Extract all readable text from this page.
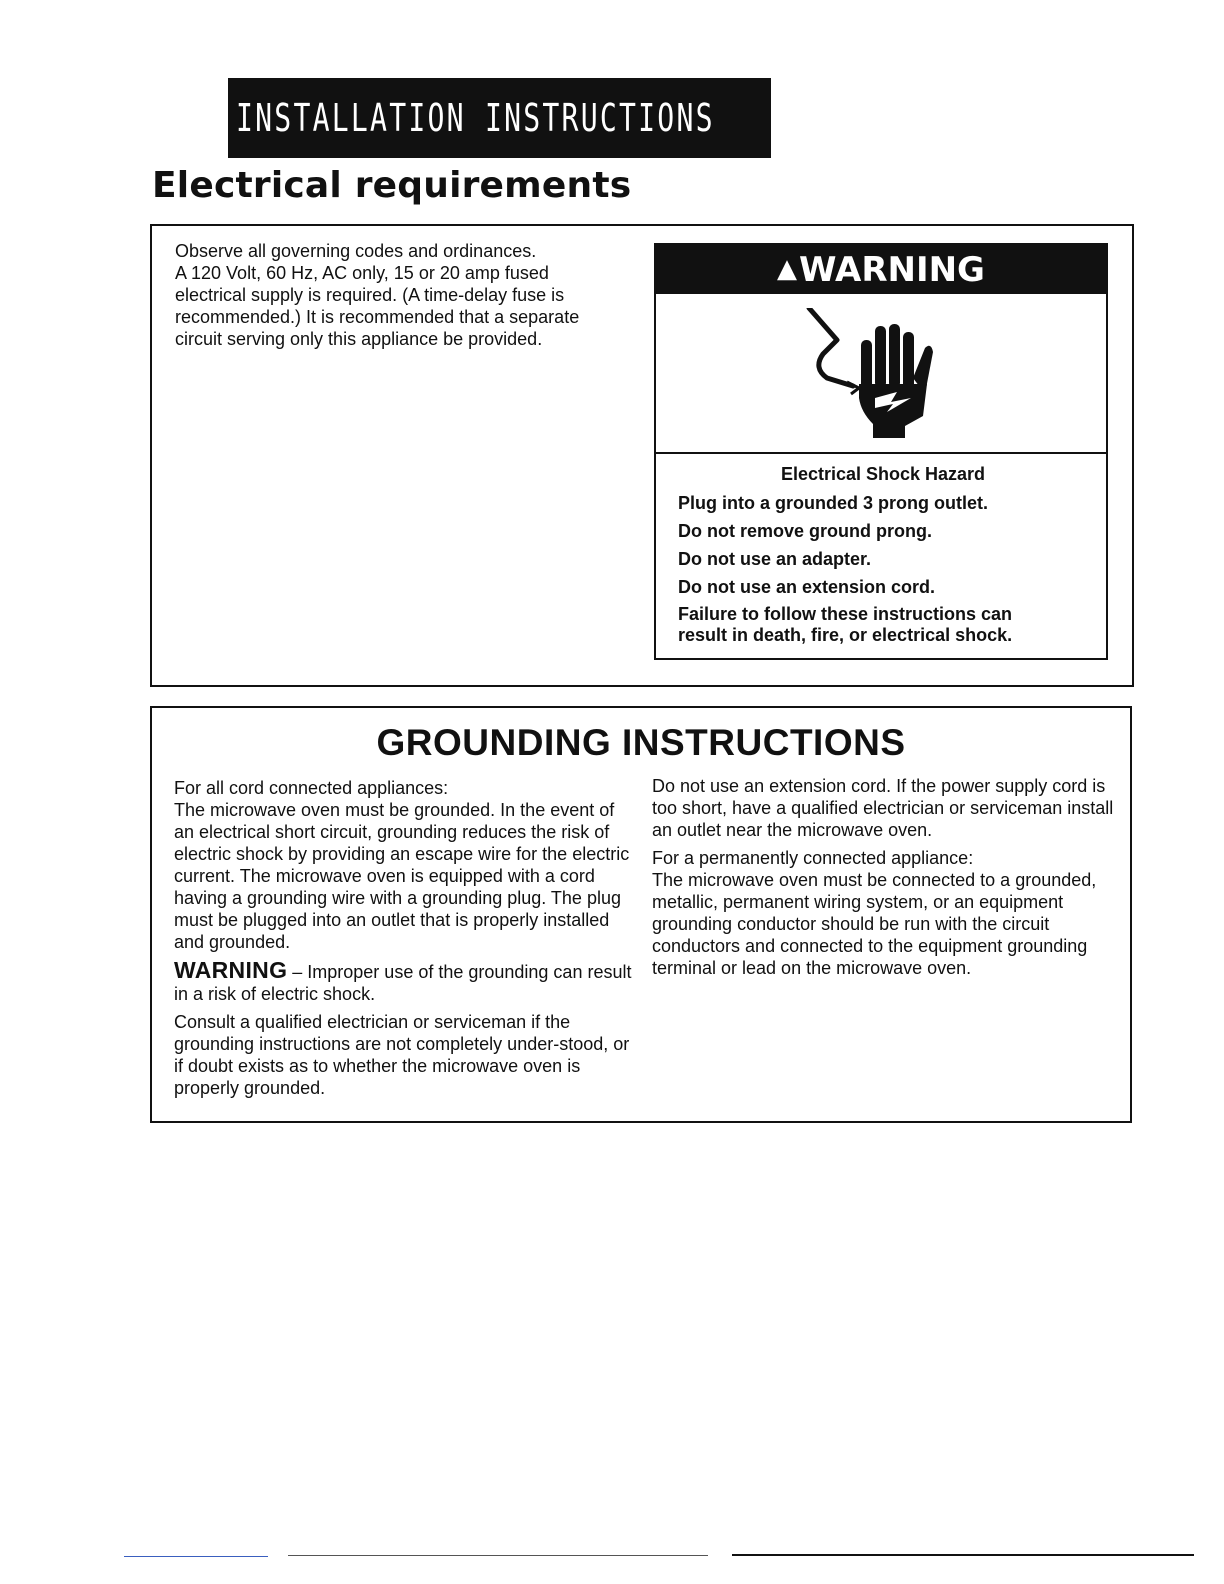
INSTALLATION INSTRUCTIONS
Electrical requirements
Observe all governing codes and ordinances.
A 120 Volt, 60 Hz, AC only, 15 or 20 amp fused
electrical supply is required. (A time-delay fuse is
recommended.) It is recommended that a separate
circuit serving only this appliance be provided.
▲ WARNING

Electrical Shock Hazard

Plug into a grounded 3 prong outlet.

Do not remove ground prong.

Do not use an adapter.

Do not use an extension cord.

Failure to follow these instructions can
result in death, fire, or electrical shock.
GROUNDING INSTRUCTIONS
For all cord connected appliances:

The microwave oven must be grounded. In the event of an electrical short circuit, grounding reduces the risk of electric shock by providing an escape wire for the electric current. The microwave oven is equipped with a cord having a grounding wire with a grounding plug. The plug must be plugged into an outlet that is properly installed and grounded.

WARNING – Improper use of the grounding can result in a risk of electric shock.

Consult a qualified electrician or serviceman if the grounding instructions are not completely under-stood, or if doubt exists as to whether the microwave oven is properly grounded.

Do not use an extension cord. If the power supply cord is too short, have a qualified electrician or serviceman install an outlet near the microwave oven.

For a permanently connected appliance:

The microwave oven must be connected to a grounded, metallic, permanent wiring system, or an equipment grounding conductor should be run with the circuit conductors and connected to the equipment grounding terminal or lead on the microwave oven.
